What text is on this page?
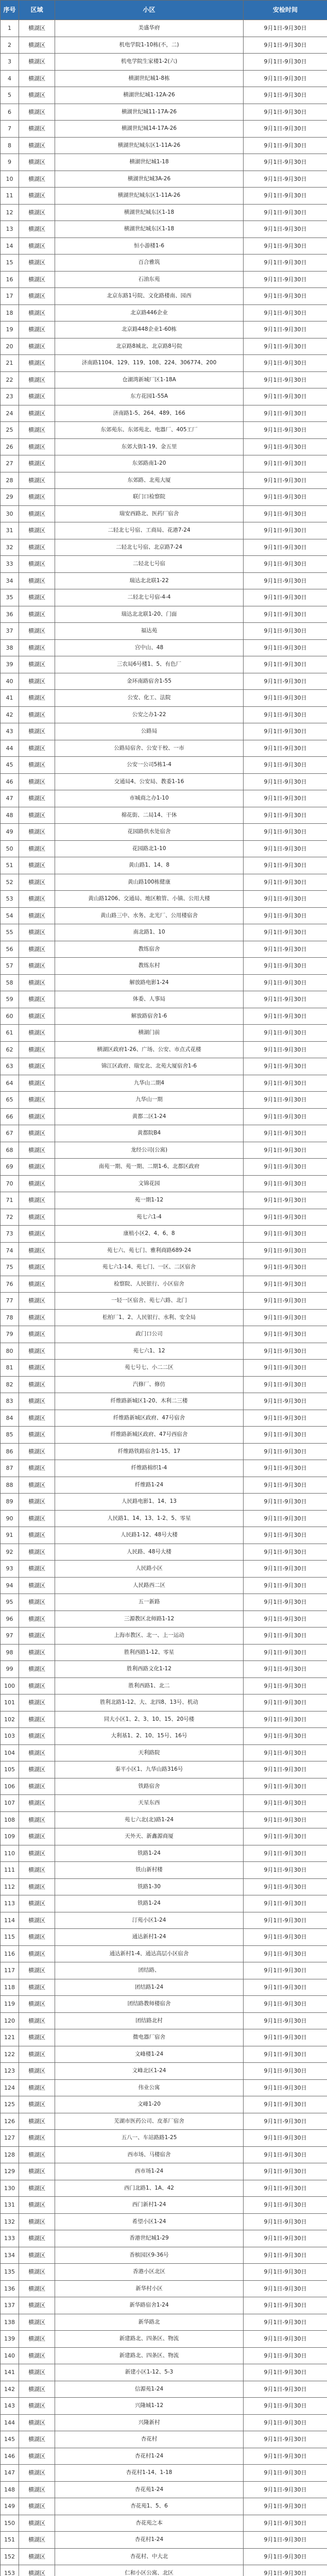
序号	区域	小区	安检时间
1	横湖区	美盛华府	9月1日-9月30日
2	横湖区	机电学院1-10栋(不，二)	9月1日-9月30日
3	横湖区	机电学院生家楼1-2(六)	9月1日-9月30日
4	横湖区	横湖世纪城1-8栋	9月1日-9月30日
5	横湖区	横湖世纪城1-12A-26	9月1日-9月30日
6	横湖区	横湖世纪城11-17A-26	9月1日-9月30日
7	横湖区	横湖世纪城14-17A-26	9月1日-9月30日
8	横湖区	横湖世纪城东区1-11A-26	9月1日-9月30日
9	横湖区	横湖世纪城1-18	9月1日-9月30日
10	横湖区	横湖世纪城3A-26	9月1日-9月30日
11	横湖区	横湖世纪城东区1-11A-26	9月1日-9月30日
12	横湖区	横湖世纪城东区1-18	9月1日-9月30日
13	横湖区	横湖世纪城东区1-18	9月1日-9月30日
14	横湖区	恒小游楼1-6	9月1日-9月30日
15	横湖区	百合雅筑	9月1日-9月30日
16	横湖区	石油东苑	9月1日-9月30日
17	横湖区	北京东路1号院、文化路楼南、园西	9月1日-9月30日
18	横湖区	北京路446企业	9月1日-9月30日
19	横湖区	北京路448企业1-60栋	9月1日-9月30日
20	横湖区	北京路8城北、北京路8号院	9月1日-9月30日
21	横湖区	济南路1104、129、119、108、224、306774、200	9月1日-9月30日
22	横湖区	仓湖湾新城厂区1-18A	9月1日-9月30日
23	横湖区	东方花园1-55A	9月1日-9月30日
24	横湖区	济南路1-5、264、489、166	9月1日-9月30日
25	横湖区	东郊苑东、东郊苑北、电器厂、405工厂	9月1日-9月30日
26	横湖区	东郊大街1-19、金五里	9月1日-9月30日
27	横湖区	东郊路南1-20	9月1日-9月30日
28	横湖区	东郊路、北苑大厦	9月1日-9月30日
29	横湖区	联门口检察院	9月1日-9月30日
30	横湖区	瑞安西路北、医药厂宿舍	9月1日-9月30日
31	横湖区	二轻北七号宿、工商局、花港7-24	9月1日-9月30日
32	横湖区	二轻北七号宿、北京路7-24	9月1日-9月30日
33	横湖区	二轻北七号宿	9月1日-9月30日
34	横湖区	瑞达北北联1-22	9月1日-9月30日
35	横湖区	二轻北七号宿-4-4	9月1日-9月30日
36	横湖区	瑞达北北联1-20、门面	9月1日-9月30日
37	横湖区	福达苑	9月1日-9月30日
38	横湖区	宫中山、48	9月1日-9月30日
39	横湖区	三农局6号楼1、5、有色厂	9月1日-9月30日
40	横湖区	金环南路宿舍1-55	9月1日-9月30日
41	横湖区	公安、化工、法院	9月1日-9月30日
42	横湖区	公安之办1-22	9月1日-9月30日
43	横湖区	公路局	9月1日-9月30日
44	横湖区	公路局宿舍、公安干校、一市	9月1日-9月30日
45	横湖区	公安一公司5栋1-4	9月1日-9月30日
46	横湖区	交通局4、公安局、教委1-16	9月1日-9月30日
47	横湖区	市城商之办1-10	9月1日-9月30日
48	横湖区	棉花街、二局14、干休	9月1日-9月30日
49	横湖区	花园路供水处宿舍	9月1日-9月30日
50	横湖区	花园路北1-10	9月1日-9月30日
51	横湖区	黄山路1、14、8	9月1日-9月30日
52	横湖区	黄山路100栋健康	9月1日-9月30日
53	横湖区	黄山路1206、交通局、地区粮管、小镇、公用大楼	9月1日-9月30日
54	横湖区	黄山路三中、水务、北光厂、公用楼宿舍	9月1日-9月30日
55	横湖区	南北路1、10	9月1日-9月30日
56	横湖区	教练宿舍	9月1日-9月30日
57	横湖区	教练东村	9月1日-9月30日
58	横湖区	解放路电影1-24	9月1日-9月30日
59	横湖区	体委、人事局	9月1日-9月30日
60	横湖区	解放路宿舍1-6	9月1日-9月30日
61	横湖区	横湖门前	9月1日-9月30日
62	横湖区	横湖区政府1-26、广场、公安、市点式花楼	9月1日-9月30日
63	横湖区	锦江区政府、瑞安北、北苑大厦宿舍1-6	9月1日-9月30日
64	横湖区	九华山二期4	9月1日-9月30日
65	横湖区	九华山一期	9月1日-9月30日
66	横湖区	黄都二区1-24	9月1日-9月30日
67	横湖区	黄都院B4	9月1日-9月30日
68	横湖区	龙经公司(公寓)	9月1日-9月30日
69	横湖区	南苑一期、苑一期、二期1-6、北都区政府	9月1日-9月30日
70	横湖区	文锦花园	9月1日-9月30日
71	横湖区	苑一期1-12	9月1日-9月30日
72	横湖区	苑七六1-4	9月1日-9月30日
73	横湖区	康植小区2、4、6、8	9月1日-9月30日
74	横湖区	苑七六、苑七门、雅利商路689-24	9月1日-9月30日
75	横湖区	苑七六1-14、苑七门、一区、二区宿舍	9月1日-9月30日
76	横湖区	检察院、人民银行、小区宿舍	9月1日-9月30日
77	横湖区	一轻一区宿舍、苑七六路、北门	9月1日-9月30日
78	横湖区	松柏厂1、2、人民银行、水利、安全局	9月1日-9月30日
79	横湖区	政门口公司	9月1日-9月30日
80	横湖区	苑七六1、12	9月1日-9月30日
81	横湖区	苑七号七、小二二区	9月1日-9月30日
82	横湖区	汽修厂、修仿	9月1日-9月30日
83	横湖区	纤维路新城区1-20、木利二三楼	9月1日-9月30日
84	横湖区	纤维路新城区政府、47号宿舍	9月1日-9月30日
85	横湖区	纤维路新城区政府、47号西宿舍	9月1日-9月30日
86	横湖区	纤维路铁路宿舍1-15、17	9月1日-9月30日
87	横湖区	纤维路棉织1-4	9月1日-9月30日
88	横湖区	纤维路1-24	9月1日-9月30日
89	横湖区	人民路电影1、14、13	9月1日-9月30日
90	横湖区	人民路1、14、13、1-2、5、零星	9月1日-9月30日
91	横湖区	人民路1-12、48号大楼	9月1日-9月30日
92	横湖区	人民路、48号大楼	9月1日-9月30日
93	横湖区	人民路小区	9月1日-9月30日
94	横湖区	人民路西二区	9月1日-9月30日
95	横湖区	五一新路	9月1日-9月30日
96	横湖区	三源教区北师路1-12	9月1日-9月30日
97	横湖区	上海市教区、北一、上一运动	9月1日-9月30日
98	横湖区	胜利西路1-12、零星	9月1日-9月30日
99	横湖区	胜利西路文化1-12	9月1日-9月30日
100	横湖区	胜利西路1、北二	9月1日-9月30日
101	横湖区	胜利北路1-12、大、北四8、13号、机动	9月1日-9月30日
102	横湖区	同大小区1、2、3、10、15、20号楼	9月1日-9月30日
103	横湖区	大利基1、2、10、15号、16号	9月1日-9月30日
104	横湖区	天利路院	9月1日-9月30日
105	横湖区	泰平小区1、九华山路316号	9月1日-9月30日
106	横湖区	铁路宿舍	9月1日-9月30日
107	横湖区	天星东西	9月1日-9月30日
108	横湖区	苑七六北(北)路1-24	9月1日-9月30日
109	横湖区	天外天、新鑫源商厦	9月1日-9月30日
110	横湖区	铁路1-24	9月1日-9月30日
111	横湖区	铁山新村楼	9月1日-9月30日
112	横湖区	铁路1-30	9月1日-9月30日
113	横湖区	铁路1-24	9月1日-9月30日
114	横湖区	汀苑小区1-24	9月1日-9月30日
115	横湖区	通达新村1-24	9月1日-9月30日
116	横湖区	通达新村1-4、通达高层小区宿舍	9月1日-9月30日
117	横湖区	团结路、	9月1日-9月30日
118	横湖区	团结路1-24	9月1日-9月30日
119	横湖区	团结路教师楼宿舍	9月1日-9月30日
120	横湖区	团结路北村	9月1日-9月30日
121	横湖区	微电器厂宿舍	9月1日-9月30日
122	横湖区	文峰楼1-24	9月1日-9月30日
123	横湖区	文峰北区1-24	9月1日-9月30日
124	横湖区	伟业公寓	9月1日-9月30日
125	横湖区	文峰1-20	9月1日-9月30日
126	横湖区	芜湖市医药公司、皮革厂宿舍	9月1日-9月30日
127	横湖区	五八一、车站路路1-25	9月1日-9月30日
128	横湖区	西市场、马楼宿舍	9月1日-9月30日
129	横湖区	西市场1-24	9月1日-9月30日
130	横湖区	西门北路1、1A、42	9月1日-9月30日
131	横湖区	西门新村1-24	9月1日-9月30日
132	横湖区	希望小区1-24	9月1日-9月30日
133	横湖区	香港世纪城1-29	9月1日-9月30日
134	横湖区	香槟园区9-36号	9月1日-9月30日
135	横湖区	香港小区北区	9月1日-9月30日
136	横湖区	新华村小区	9月1日-9月30日
137	横湖区	新华路宿舍1-24	9月1日-9月30日
138	横湖区	新华路北	9月1日-9月30日
139	横湖区	新建路北、四条区、物流	9月1日-9月30日
140	横湖区	新建路北、四条区、物流	9月1日-9月30日
141	横湖区	新建小区1-12、5-3	9月1日-9月30日
142	横湖区	信源苑1-24	9月1日-9月30日
143	横湖区	兴隆城1-12	9月1日-9月30日
144	横湖区	兴隆新村	9月1日-9月30日
145	横湖区	杏花村	9月1日-9月30日
146	横湖区	杏花村1-24	9月1日-9月30日
147	横湖区	杏花村1-14、1-18	9月1日-9月30日
148	横湖区	杏花苑1-24	9月1日-9月30日
149	横湖区	杏花苑1、5、6	9月1日-9月30日
150	横湖区	杏花苑之本	9月1日-9月30日
151	横湖区	杏花村1-24	9月1日-9月30日
152	横湖区	杏花村、中大北	9月1日-9月30日
153	横湖区	仁和小区公寓、北区	9月1日-9月30日
